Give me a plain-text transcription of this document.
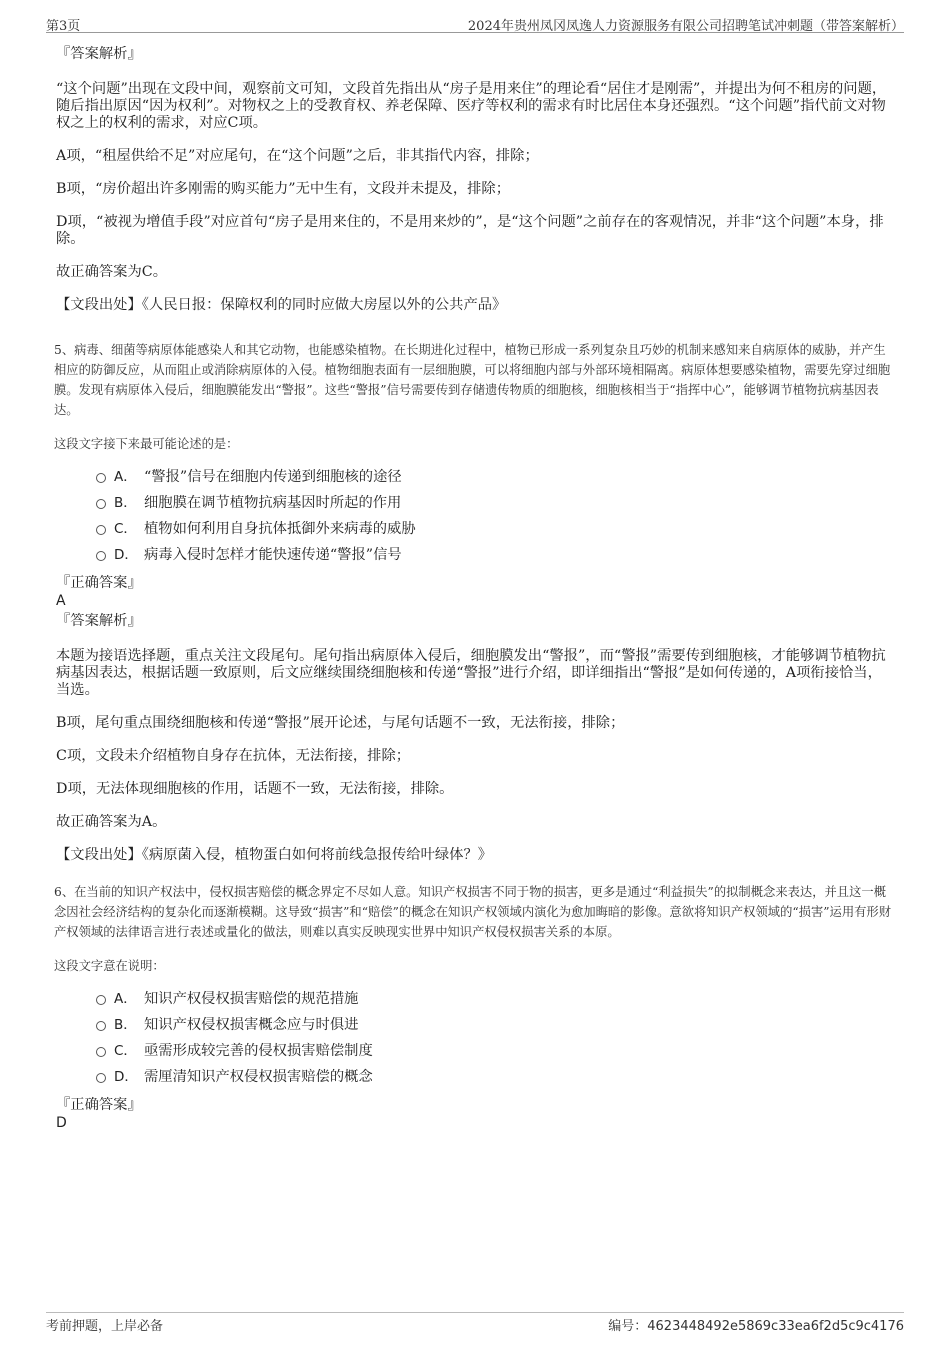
第3页	2024年贵州凤冈凤逸人力资源服务有限公司招聘笔试冲刺题（带答案解析）

『答案解析』

“这个问题”出现在文段中间，观察前文可知，文段首先指出从“房子是用来住”的理论看“居住才是刚需”，并提出为何不租房的问题，随后指出原因“因为权利”。对物权之上的受教育权、养老保障、医疗等权利的需求有时比居住本身还强烈。“这个问题”指代前文对物权之上的权利的需求，对应C项。

A项，“租屋供给不足”对应尾句，在“这个问题”之后，非其指代内容，排除；

B项，“房价超出许多刚需的购买能力”无中生有，文段并未提及，排除；

D项，“被视为增值手段”对应首句“房子是用来住的，不是用来炒的”，是“这个问题”之前存在的客观情况，并非“这个问题”本身，排除。

故正确答案为C。

【文段出处】《人民日报：保障权利的同时应做大房屋以外的公共产品》

5、病毒、细菌等病原体能感染人和其它动物，也能感染植物。在长期进化过程中，植物已形成一系列复杂且巧妙的机制来感知来自病原体的威胁，并产生相应的防御反应，从而阻止或消除病原体的入侵。植物细胞表面有一层细胞膜，可以将细胞内部与外部环境相隔离。病原体想要感染植物，需要先穿过细胞膜。发现有病原体入侵后，细胞膜能发出“警报”。这些“警报”信号需要传到存储遗传物质的细胞核，细胞核相当于“指挥中心”，能够调节植物抗病基因表达。

这段文字接下来最可能论述的是：

A． “警报”信号在细胞内传递到细胞核的途径
B． 细胞膜在调节植物抗病基因时所起的作用
C． 植物如何利用自身抗体抵御外来病毒的威胁
D． 病毒入侵时怎样才能快速传递“警报”信号

『正确答案』

A

『答案解析』

本题为接语选择题，重点关注文段尾句。尾句指出病原体入侵后，细胞膜发出“警报”，而“警报”需要传到细胞核，才能够调节植物抗病基因表达，根据话题一致原则，后文应继续围绕细胞核和传递“警报”进行介绍，即详细指出“警报”是如何传递的，A项衔接恰当，当选。

B项，尾句重点围绕细胞核和传递“警报”展开论述，与尾句话题不一致，无法衔接，排除；

C项，文段未介绍植物自身存在抗体，无法衔接，排除；

D项，无法体现细胞核的作用，话题不一致，无法衔接，排除。

故正确答案为A。

【文段出处】《病原菌入侵，植物蛋白如何将前线急报传给叶绿体？》

6、在当前的知识产权法中，侵权损害赔偿的概念界定不尽如人意。知识产权损害不同于物的损害，更多是通过“利益损失”的拟制概念来表达，并且这一概念因社会经济结构的复杂化而逐渐模糊。这导致“损害”和“赔偿”的概念在知识产权领域内演化为愈加晦暗的影像。意欲将知识产权领域的“损害”运用有形财产权领域的法律语言进行表述或量化的做法，则难以真实反映现实世界中知识产权侵权损害关系的本原。

这段文字意在说明：

A． 知识产权侵权损害赔偿的规范措施
B． 知识产权侵权损害概念应与时俱进
C． 亟需形成较完善的侵权损害赔偿制度
D． 需厘清知识产权侵权损害赔偿的概念

『正确答案』

D

考前押题，上岸必备	编号：4623448492e5869c33ea6f2d5c9c4176
